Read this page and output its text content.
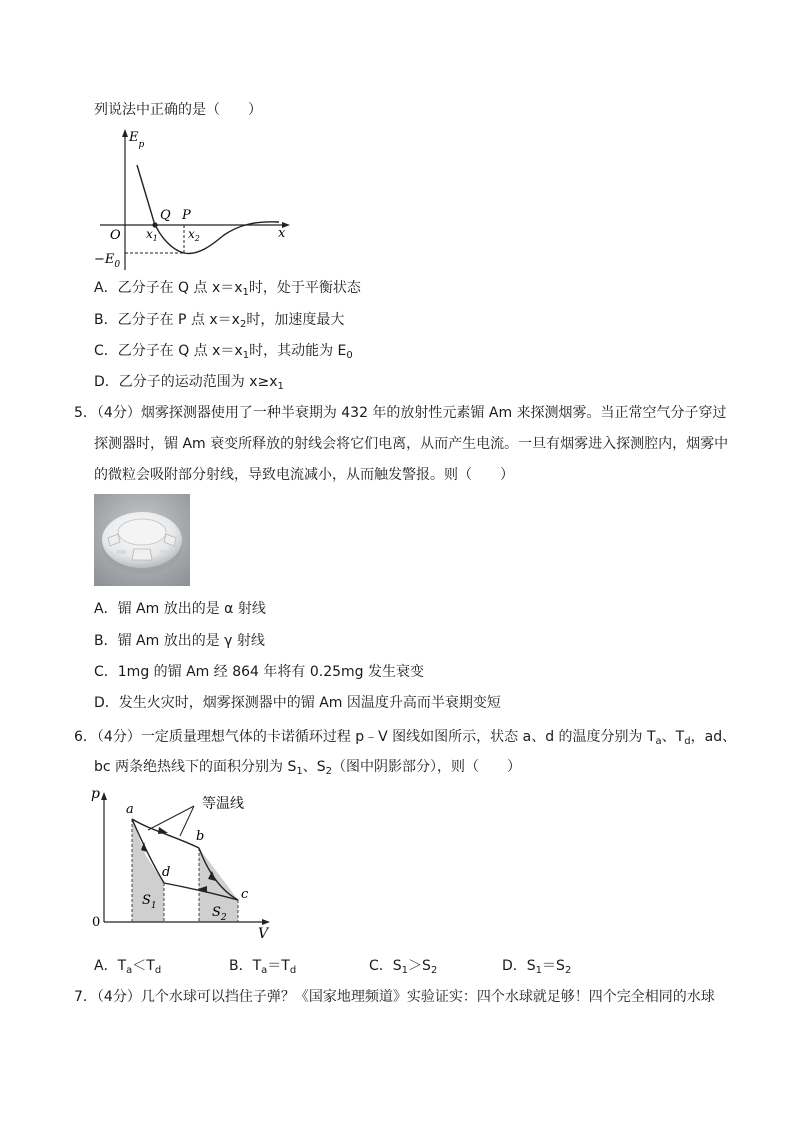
列说法中正确的是（　　）
$E_p$
O	x
Q P
$x_1$	$x_2$
$-E_0$
A．乙分子在 Q 点 $x=x_1$时，处于平衡状态
B．乙分子在 P 点 $x=x_2$时，加速度最大
C．乙分子在 Q 点 $x=x_1$时，其动能为 $E_0$
D．乙分子的运动范围为 $x\ge x_1$
5．（4分）烟雾探测器使用了一种半衰期为 432 年的放射性元素镅 Am 来探测烟雾。当正常空气分子穿过
探测器时，镅 Am 衰变所释放的射线会将它们电离，从而产生电流。一旦有烟雾进入探测腔内，烟雾中
的微粒会吸附部分射线，导致电流减小，从而触发警报。则（　　）
A．镅 Am 放出的是 α 射线
B．镅 Am 放出的是 γ 射线
C．1mg 的镅 Am 经 864 年将有 0.25mg 发生衰变
D．发生火灾时，烟雾探测器中的镅 Am 因温度升高而半衰期变短
6．（4分）一定质量理想气体的卡诺循环过程 p﹣V 图线如图所示，状态 a、d 的温度分别为 $T_a$、$T_d$，ad、
bc 两条绝热线下的面积分别为 $S_1$、$S_2$（图中阴影部分），则（　　）
p
V
0
a
b
c
d
等温线
$S_1$	$S_2$
A．$T_a<T_d$	B．$T_a=T_d$	C．$S_1>S_2$	D．$S_1=S_2$
7．（4分）几个水球可以挡住子弹？《国家地理频道》实验证实：四个水球就足够！四个完全相同的水球
